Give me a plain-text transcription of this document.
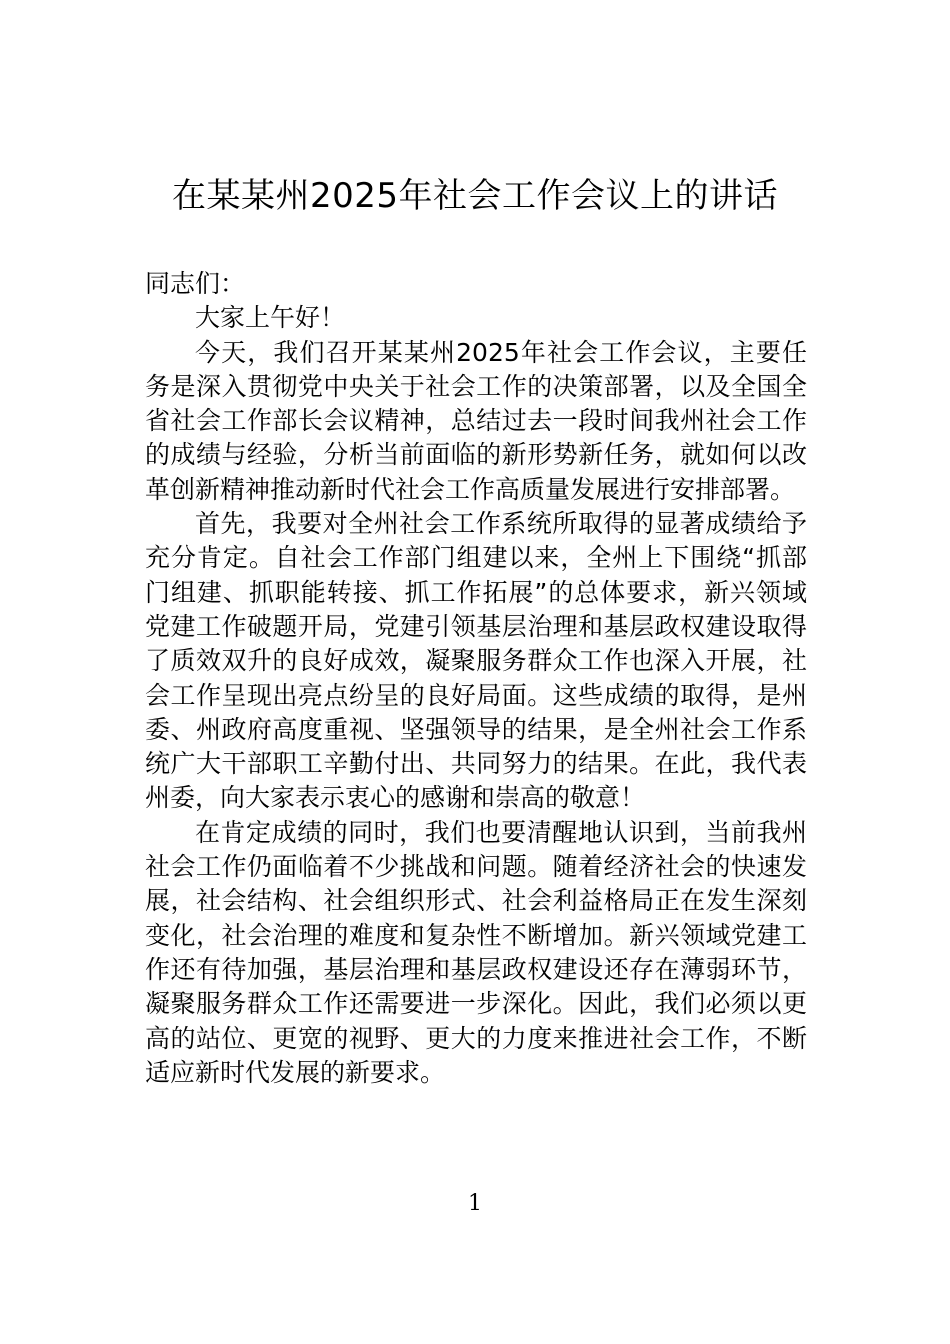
在某某州2025年社会工作会议上的讲话

同志们：

大家上午好！

今天，我们召开某某州2025年社会工作会议，主要任务是深入贯彻党中央关于社会工作的决策部署，以及全国全省社会工作部长会议精神，总结过去一段时间我州社会工作的成绩与经验，分析当前面临的新形势新任务，就如何以改革创新精神推动新时代社会工作高质量发展进行安排部署。

首先，我要对全州社会工作系统所取得的显著成绩给予充分肯定。自社会工作部门组建以来，全州上下围绕“抓部门组建、抓职能转接、抓工作拓展”的总体要求，新兴领域党建工作破题开局，党建引领基层治理和基层政权建设取得了质效双升的良好成效，凝聚服务群众工作也深入开展，社会工作呈现出亮点纷呈的良好局面。这些成绩的取得，是州委、州政府高度重视、坚强领导的结果，是全州社会工作系统广大干部职工辛勤付出、共同努力的结果。在此，我代表州委，向大家表示衷心的感谢和崇高的敬意！

在肯定成绩的同时，我们也要清醒地认识到，当前我州社会工作仍面临着不少挑战和问题。随着经济社会的快速发展，社会结构、社会组织形式、社会利益格局正在发生深刻变化，社会治理的难度和复杂性不断增加。新兴领域党建工作还有待加强，基层治理和基层政权建设还存在薄弱环节，凝聚服务群众工作还需要进一步深化。因此，我们必须以更高的站位、更宽的视野、更大的力度来推进社会工作，不断适应新时代发展的新要求。

1
